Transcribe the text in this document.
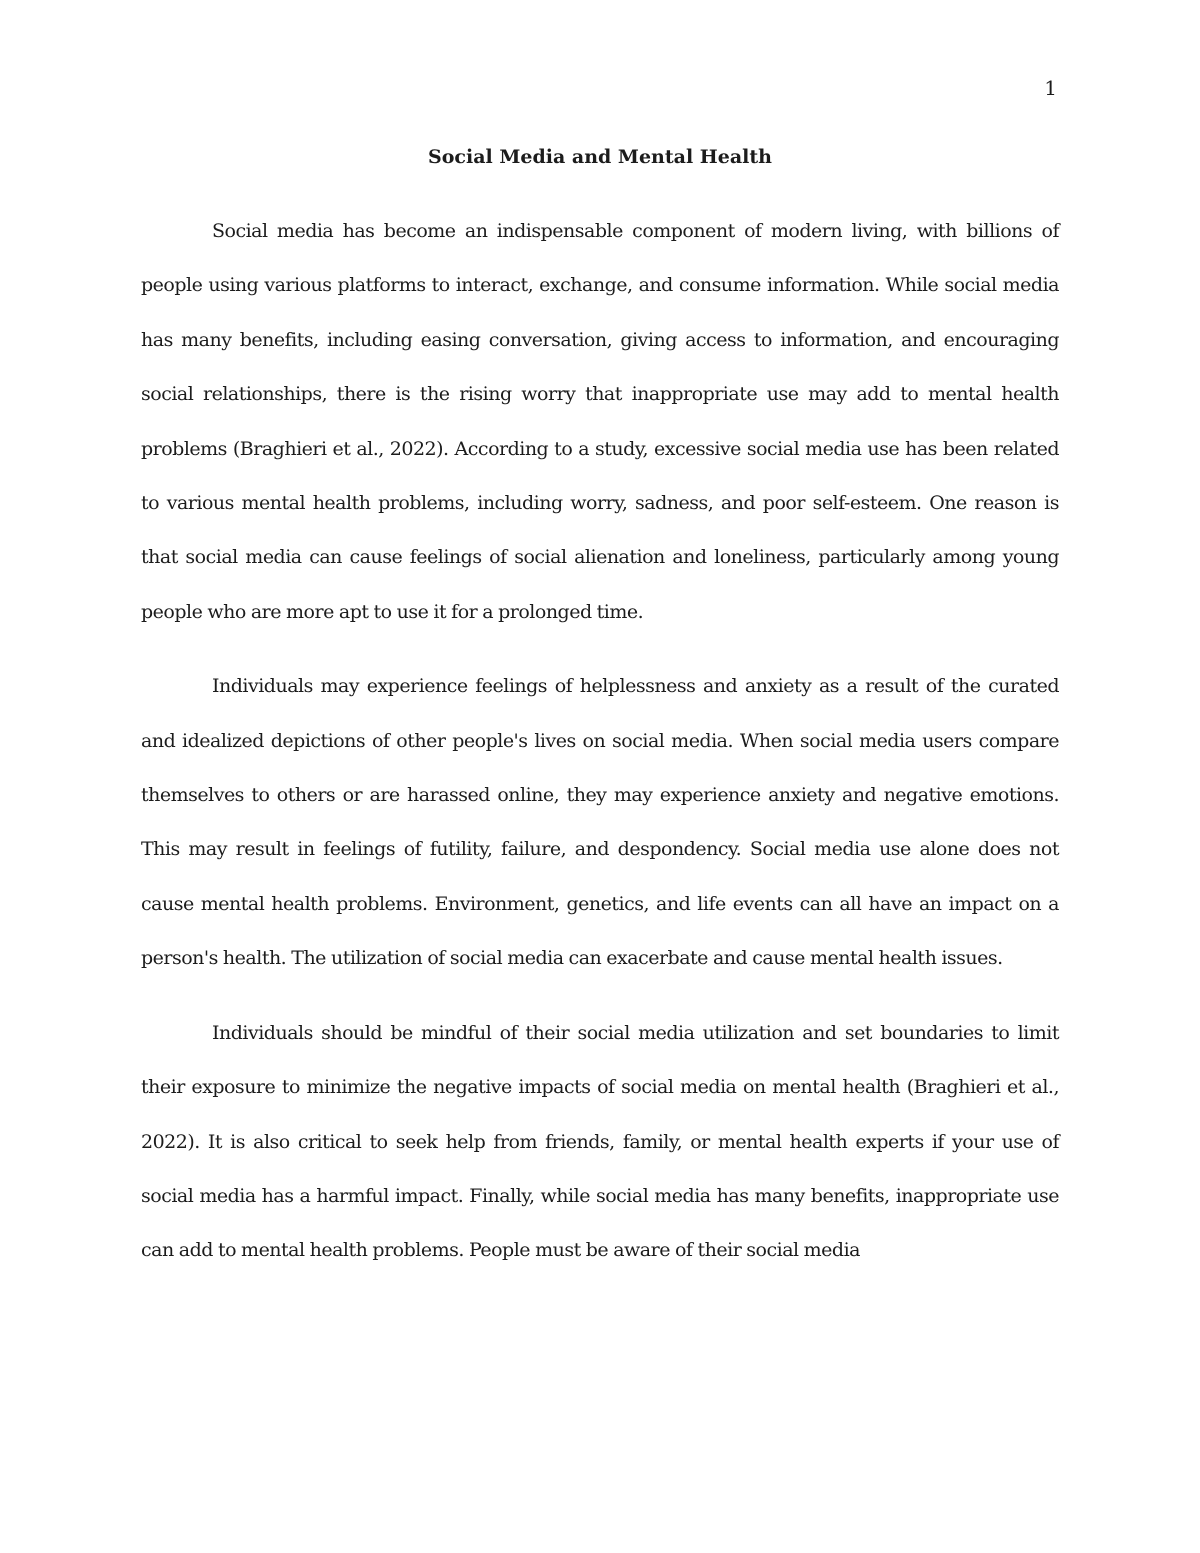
1
Social Media and Mental Health

Social media has become an indispensable component of modern living, with billions of people using various platforms to interact, exchange, and consume information. While social media has many benefits, including easing conversation, giving access to information, and encouraging social relationships, there is the rising worry that inappropriate use may add to mental health problems (Braghieri et al., 2022). According to a study, excessive social media use has been related to various mental health problems, including worry, sadness, and poor self-esteem. One reason is that social media can cause feelings of social alienation and loneliness, particularly among young people who are more apt to use it for a prolonged time.

Individuals may experience feelings of helplessness and anxiety as a result of the curated and idealized depictions of other people's lives on social media. When social media users compare themselves to others or are harassed online, they may experience anxiety and negative emotions. This may result in feelings of futility, failure, and despondency. Social media use alone does not cause mental health problems. Environment, genetics, and life events can all have an impact on a person's health. The utilization of social media can exacerbate and cause mental health issues.

Individuals should be mindful of their social media utilization and set boundaries to limit their exposure to minimize the negative impacts of social media on mental health (Braghieri et al., 2022). It is also critical to seek help from friends, family, or mental health experts if your use of social media has a harmful impact. Finally, while social media has many benefits, inappropriate use can add to mental health problems. People must be aware of their social media
